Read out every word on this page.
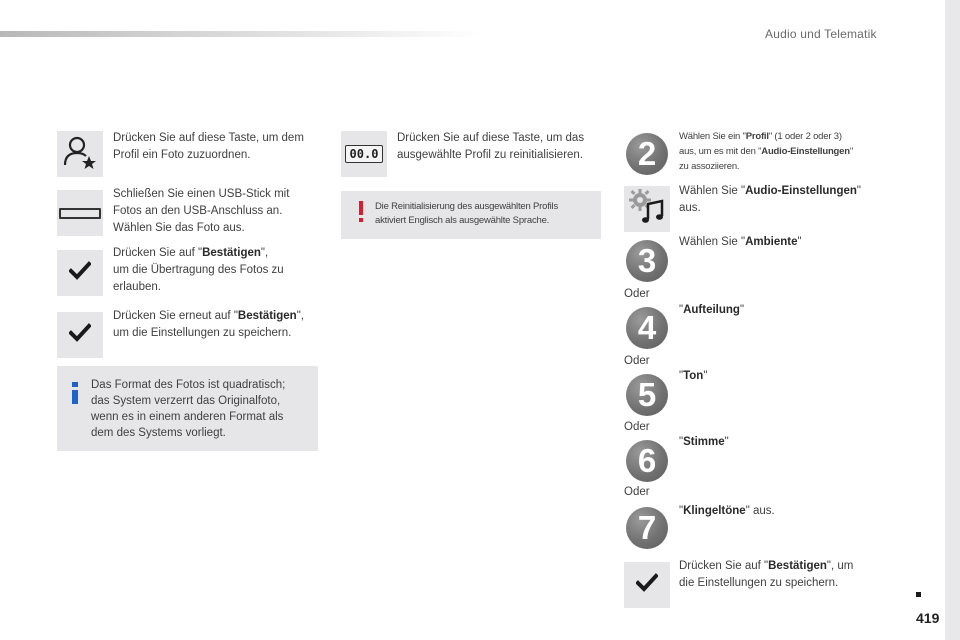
Audio und Telematik
419
Drücken Sie auf diese Taste, um dem
Profil ein Foto zuzuordnen.
Schließen Sie einen USB-Stick mit
Fotos an den USB-Anschluss an.
Wählen Sie das Foto aus.
Drücken Sie auf "Bestätigen",
um die Übertragung des Fotos zu
erlauben.
Drücken Sie erneut auf "Bestätigen",
um die Einstellungen zu speichern.
Das Format des Fotos ist quadratisch;
das System verzerrt das Originalfoto,
wenn es in einem anderen Format als
dem des Systems vorliegt.
00.0
Drücken Sie auf diese Taste, um das
ausgewählte Profil zu reinitialisieren.
Die Reinitialisierung des ausgewählten Profils
aktiviert Englisch als ausgewählte Sprache.
2	Wählen Sie ein "Profil" (1 oder 2 oder 3)
aus, um es mit den "Audio-Einstellungen"
zu assoziieren.
Wählen Sie "Audio-Einstellungen"
aus.
3	Wählen Sie "Ambiente"
Oder
4	"Aufteilung"
Oder
5	"Ton"
Oder
6	"Stimme"
Oder
7	"Klingeltöne" aus.
Drücken Sie auf "Bestätigen", um
die Einstellungen zu speichern.
